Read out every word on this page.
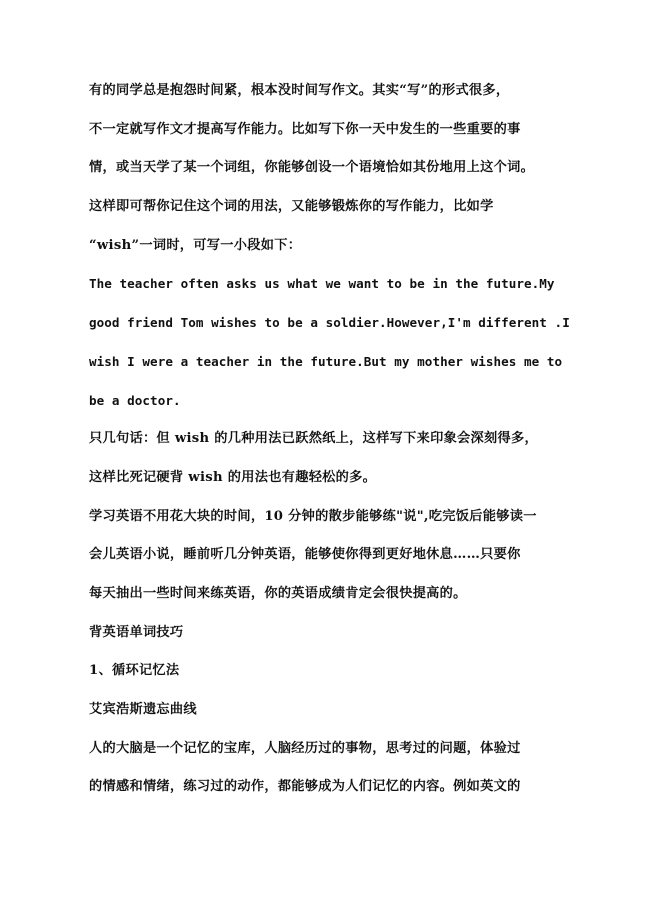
有的同学总是抱怨时间紧，根本没时间写作文。其实“写”的形式很多，
不一定就写作文才提高写作能力。比如写下你一天中发生的一些重要的事
情，或当天学了某一个词组，你能够创设一个语境恰如其份地用上这个词。
这样即可帮你记住这个词的用法，又能够锻炼你的写作能力，比如学
“wish”一词时，可写一小段如下：
The teacher often asks us what we want to be in the future.My
good friend Tom wishes to be a soldier.However,I'm different .I
wish I were a teacher in the future.But my mother wishes me to
be a doctor.
只几句话：但 wish 的几种用法已跃然纸上，这样写下来印象会深刻得多，
这样比死记硬背 wish 的用法也有趣轻松的多。
学习英语不用花大块的时间，10 分钟的散步能够练"说",吃完饭后能够读一
会儿英语小说，睡前听几分钟英语，能够使你得到更好地休息……只要你
每天抽出一些时间来练英语，你的英语成绩肯定会很快提高的。
背英语单词技巧
1、循环记忆法
艾宾浩斯遗忘曲线
人的大脑是一个记忆的宝库，人脑经历过的事物，思考过的问题，体验过
的情感和情绪，练习过的动作，都能够成为人们记忆的内容。例如英文的
